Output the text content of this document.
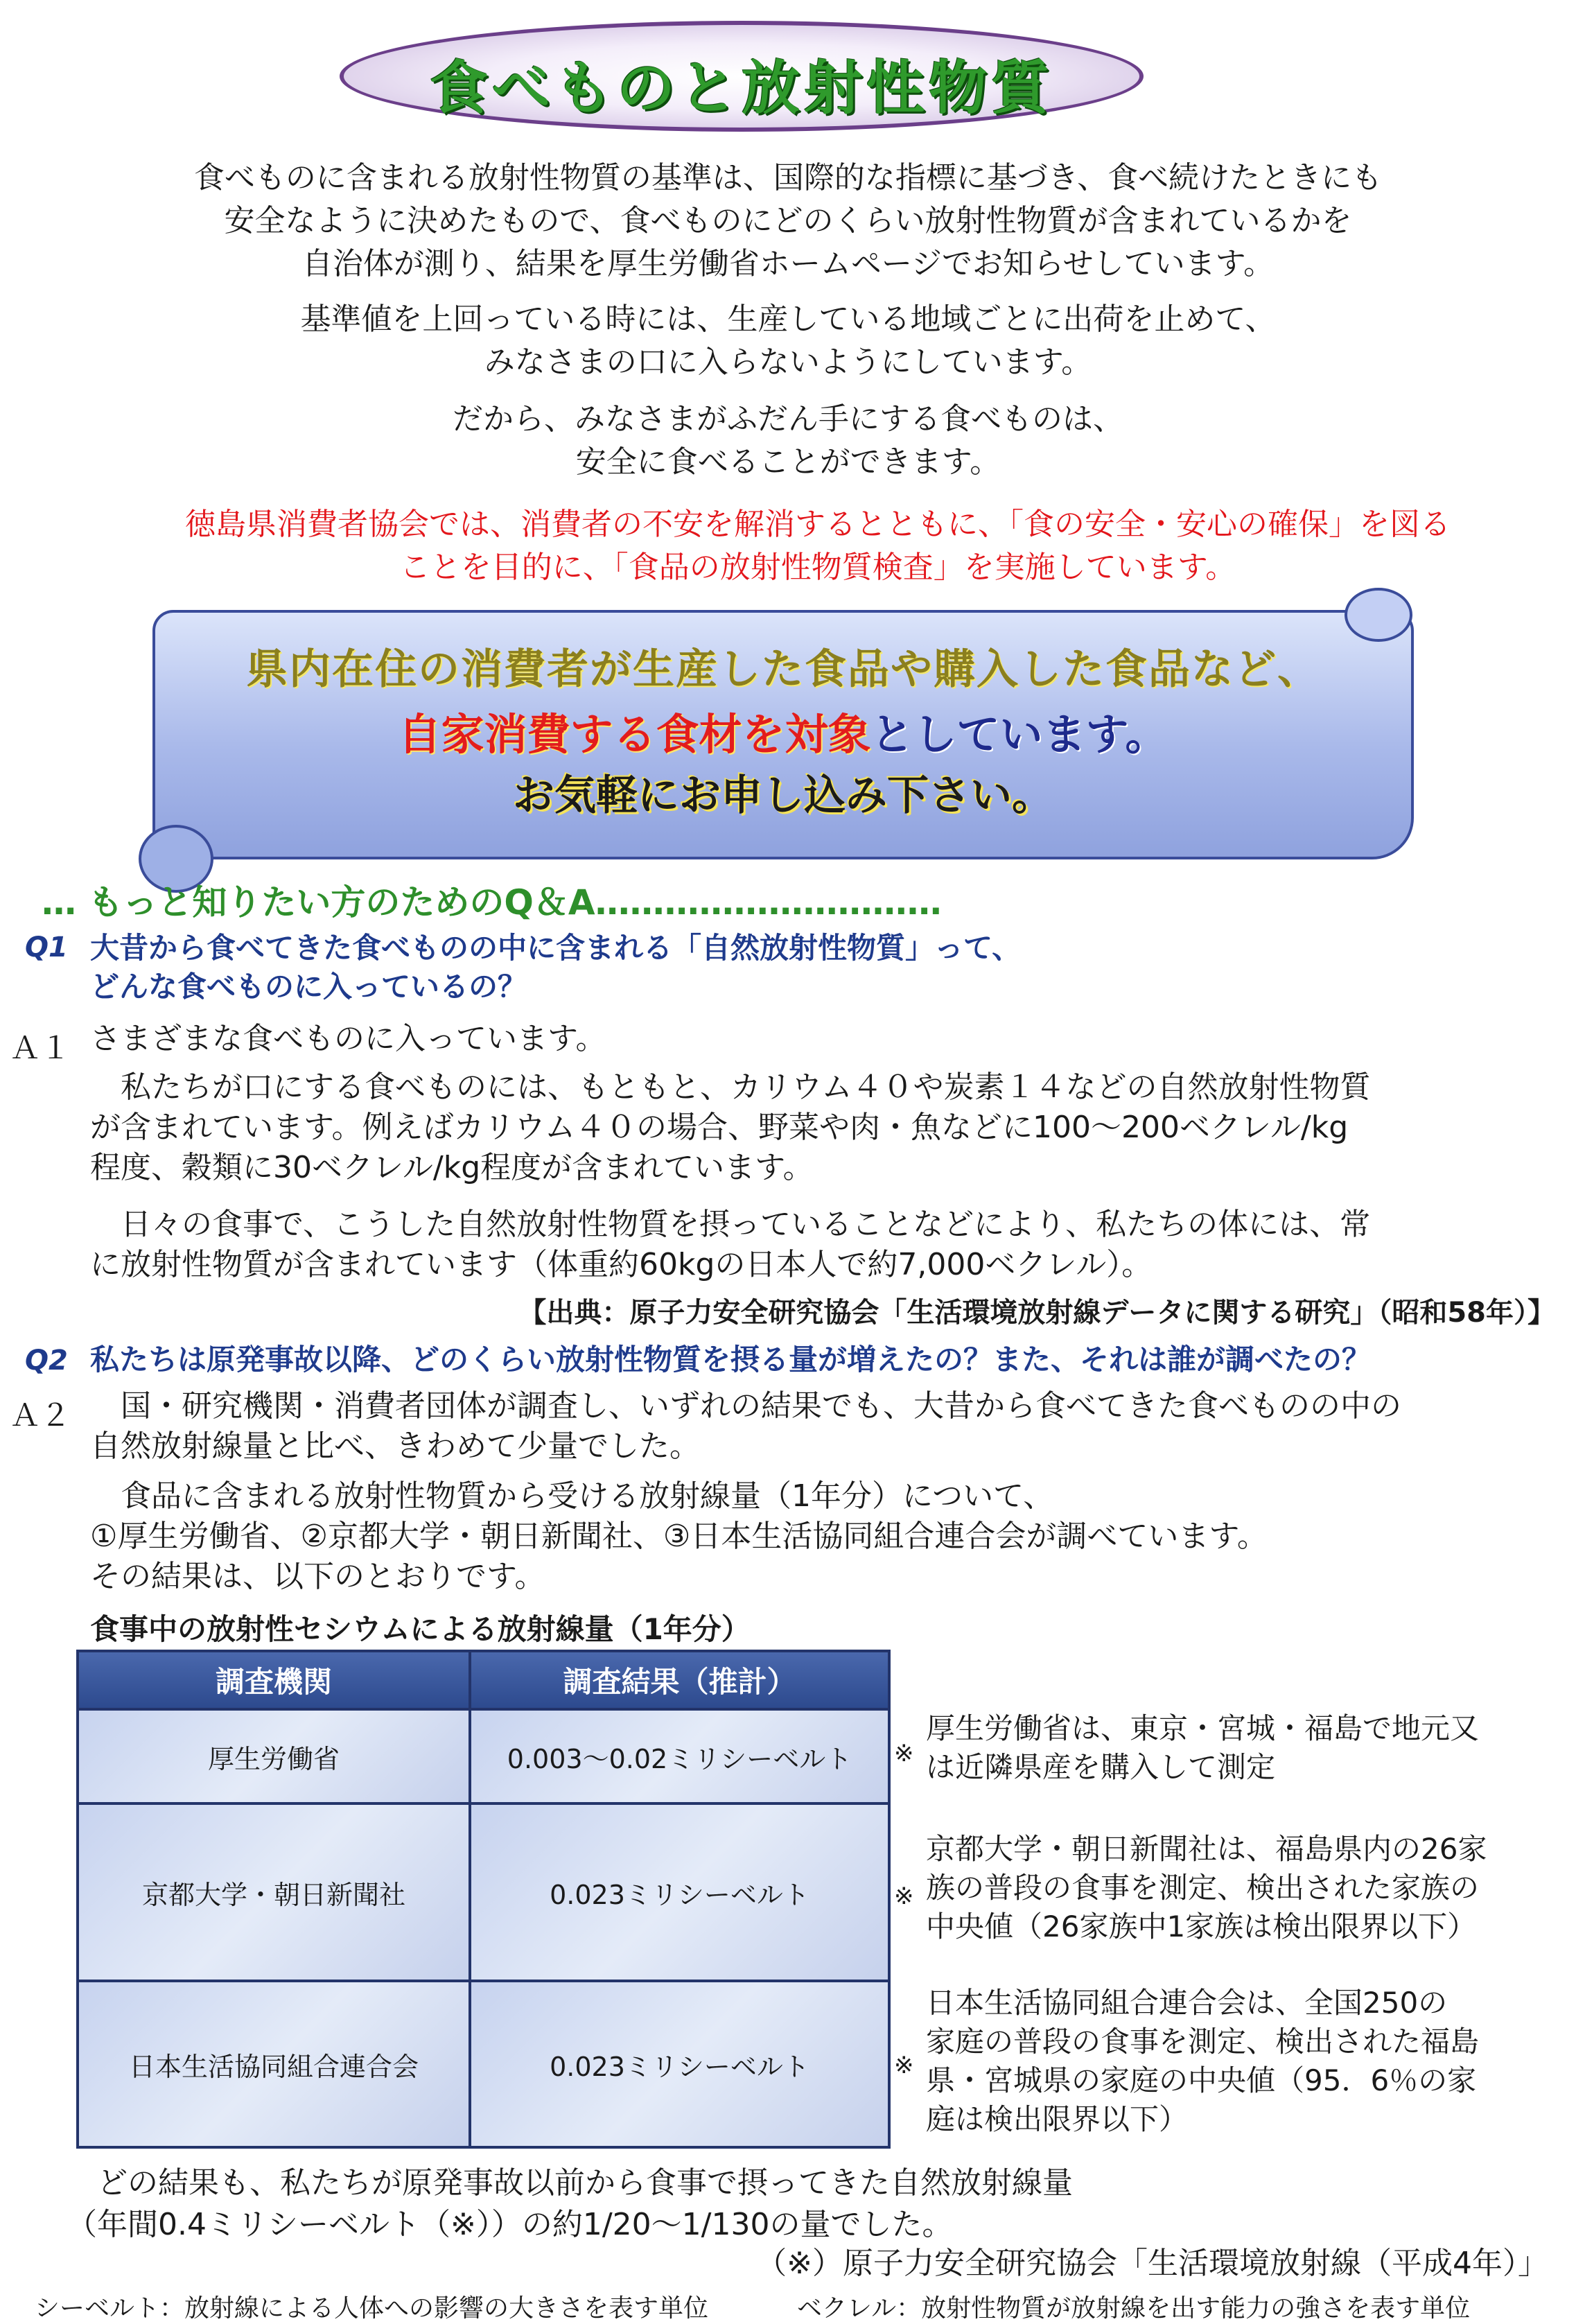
食べものと放射性物質
食べものに含まれる放射性物質の基準は、国際的な指標に基づき、食べ続けたときにも
安全なように決めたもので、食べものにどのくらい放射性物質が含まれているかを
自治体が測り、結果を厚生労働省ホームページでお知らせしています。
基準値を上回っている時には、生産している地域ごとに出荷を止めて、
みなさまの口に入らないようにしています。
だから、みなさまがふだん手にする食べものは、
安全に食べることができます。
徳島県消費者協会では、消費者の不安を解消するとともに、「食の安全・安心の確保」を図る
ことを目的に、「食品の放射性物質検査」を実施しています。
県内在住の消費者が生産した食品や購入した食品など、
自家消費する食材を対象としています。
お気軽にお申し込み下さい。
… もっと知りたい方のためのQ＆A…………………………
Q1 大昔から食べてきた食べものの中に含まれる「自然放射性物質」って、
どんな食べものに入っているの？
Ａ１ さまざまな食べものに入っています。
　私たちが口にする食べものには、もともと、カリウム４０や炭素１４などの自然放射性物質
が含まれています。例えばカリウム４０の場合、野菜や肉・魚などに100～200ベクレル/kg
程度、穀類に30ベクレル/kg程度が含まれています。
　日々の食事で、こうした自然放射性物質を摂っていることなどにより、私たちの体には、常
に放射性物質が含まれています（体重約60kgの日本人で約7,000ベクレル）。
【出典：原子力安全研究協会「生活環境放射線データに関する研究」（昭和58年）】
Q2 私たちは原発事故以降、どのくらい放射性物質を摂る量が増えたの？また、それは誰が調べたの？
Ａ２ 　国・研究機関・消費者団体が調査し、いずれの結果でも、大昔から食べてきた食べものの中の
自然放射線量と比べ、きわめて少量でした。
　食品に含まれる放射性物質から受ける放射線量（1年分）について、
①厚生労働省、②京都大学・朝日新聞社、③日本生活協同組合連合会が調べています。
その結果は、以下のとおりです。
食事中の放射性セシウムによる放射線量（1年分）
調査機関	調査結果（推計）
厚生労働省	0.003～0.02ミリシーベルト
京都大学・朝日新聞社	0.023ミリシーベルト
日本生活協同組合連合会	0.023ミリシーベルト
※
厚生労働省は、東京・宮城・福島で地元又
は近隣県産を購入して測定
※
京都大学・朝日新聞社は、福島県内の26家
族の普段の食事を測定、検出された家族の
中央値（26家族中1家族は検出限界以下）
※
日本生活協同組合連合会は、全国250の
家庭の普段の食事を測定、検出された福島
県・宮城県の家庭の中央値（95．6％の家
庭は検出限界以下）
　どの結果も、私たちが原発事故以前から食事で摂ってきた自然放射線量
（年間0.4ミリシーベルト（※））の約1/20～1/130の量でした。
（※）原子力安全研究協会「生活環境放射線（平成4年）」
シーベルト：放射線による人体への影響の大きさを表す単位	ベクレル：放射性物質が放射線を出す能力の強さを表す単位
